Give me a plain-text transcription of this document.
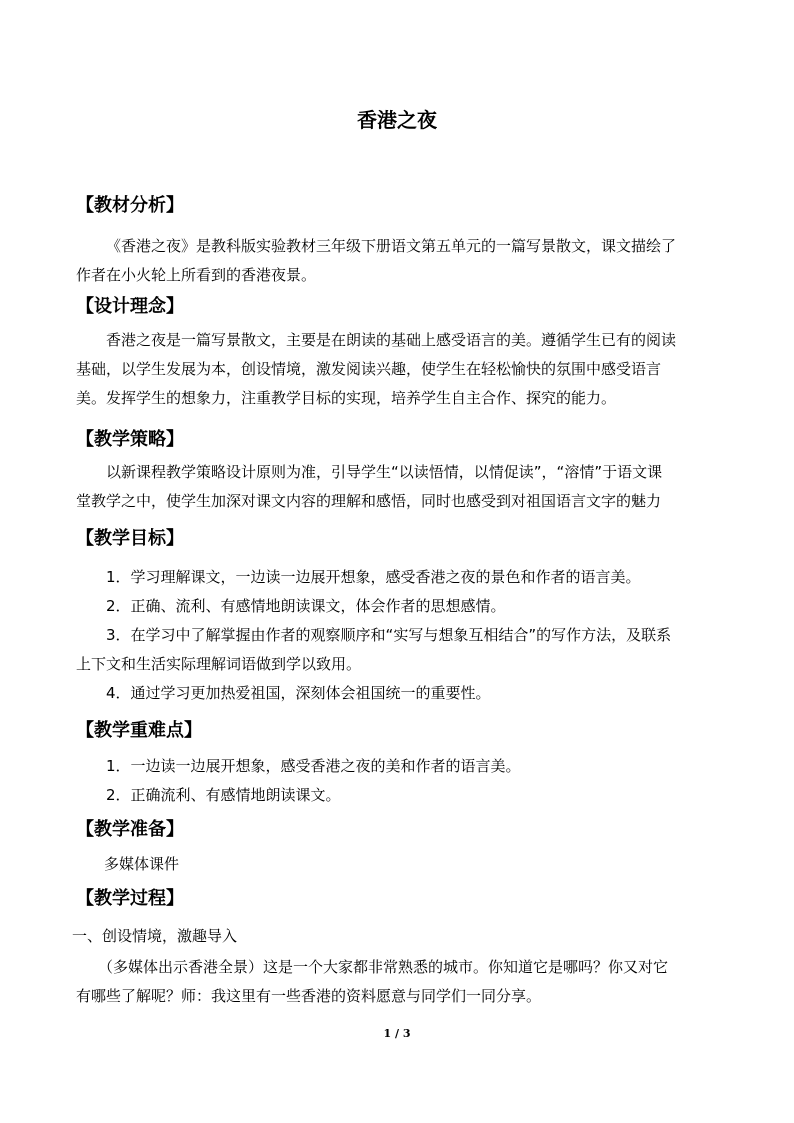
香港之夜
【教材分析】
《香港之夜》是教科版实验教材三年级下册语文第五单元的一篇写景散文，课文描绘了
作者在小火轮上所看到的香港夜景。
【设计理念】
香港之夜是一篇写景散文，主要是在朗读的基础上感受语言的美。遵循学生已有的阅读
基础，以学生发展为本，创设情境，激发阅读兴趣，使学生在轻松愉快的氛围中感受语言
美。发挥学生的想象力，注重教学目标的实现，培养学生自主合作、探究的能力。
【教学策略】
以新课程教学策略设计原则为准，引导学生“以读悟情，以情促读”，“溶情”于语文课
堂教学之中，使学生加深对课文内容的理解和感悟，同时也感受到对祖国语言文字的魅力
【教学目标】
1．学习理解课文，一边读一边展开想象，感受香港之夜的景色和作者的语言美。
2．正确、流利、有感情地朗读课文，体会作者的思想感情。
3．在学习中了解掌握由作者的观察顺序和“实写与想象互相结合”的写作方法，及联系
上下文和生活实际理解词语做到学以致用。
4．通过学习更加热爱祖国，深刻体会祖国统一的重要性。
【教学重难点】
1．一边读一边展开想象，感受香港之夜的美和作者的语言美。
2．正确流利、有感情地朗读课文。
【教学准备】
多媒体课件
【教学过程】
一、创设情境，激趣导入
（多媒体出示香港全景）这是一个大家都非常熟悉的城市。你知道它是哪吗？你又对它
有哪些了解呢？师：我这里有一些香港的资料愿意与同学们一同分享。
1 / 3
